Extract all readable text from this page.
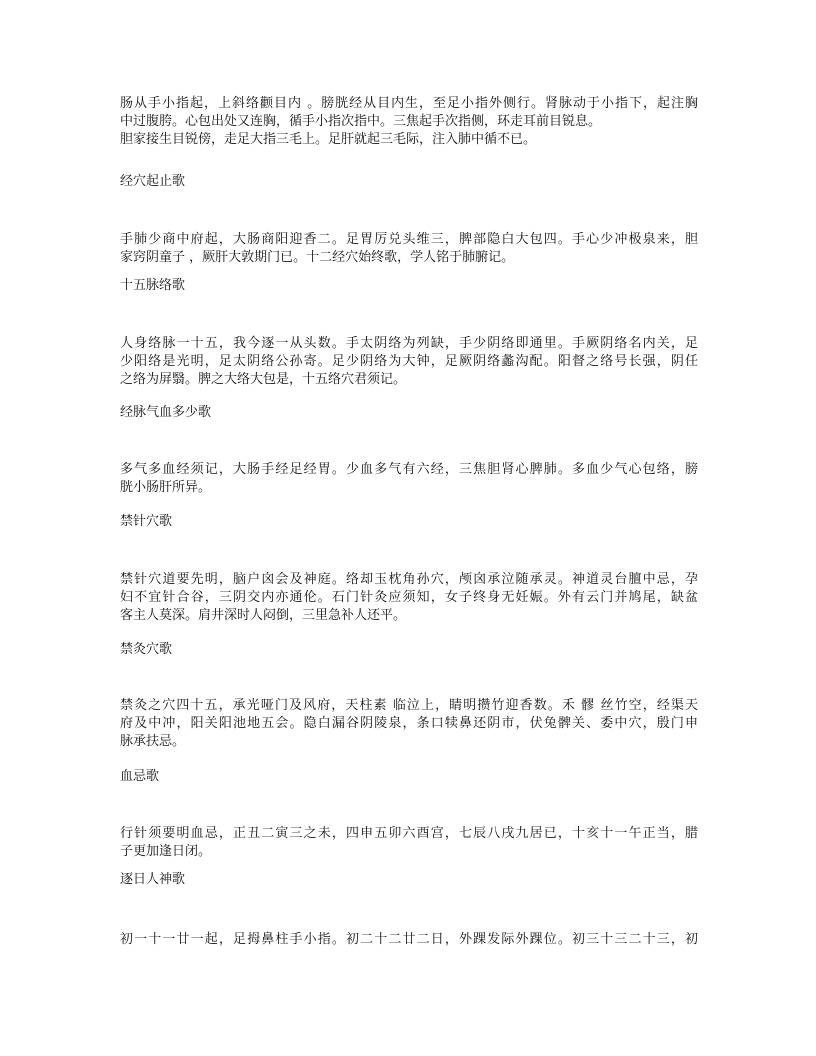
肠从手小指起，上斜络颧目内 。膀胱经从目内生，至足小指外侧行。肾脉动于小指下，起注胸
中过腹胯。心包出处又连胸，循手小指次指中。三焦起手次指侧，环走耳前目锐息。
胆家接生目锐傍，走足大指三毛上。足肝就起三毛际，注入肺中循不已。
经穴起止歌
手肺少商中府起，大肠商阳迎香二。足胃厉兑头维三，脾部隐白大包四。手心少冲极泉来，胆
家窍阴童子 ，厥肝大敦期门已。十二经穴始终歌，学人铭于肺腑记。
十五脉络歌
人身络脉一十五，我今逐一从头数。手太阴络为列缺，手少阴络即通里。手厥阴络名内关，足
少阳络是光明，足太阴络公孙寄。足少阴络为大钟，足厥阴络蠡沟配。阳督之络号长强，阴任
之络为屏翳。脾之大络大包是，十五络穴君须记。
经脉气血多少歌
多气多血经须记，大肠手经足经胃。少血多气有六经，三焦胆肾心脾肺。多血少气心包络，膀
胱小肠肝所异。
禁针穴歌
禁针穴道要先明，脑户囟会及神庭。络却玉枕角孙穴，颅囟承泣随承灵。神道灵台膻中忌，孕
妇不宜针合谷，三阴交内亦通伦。石门针灸应须知，女子终身无妊娠。外有云门并鸠尾，缺盆
客主人莫深。肩井深时人闷倒，三里急补人还平。
禁灸穴歌
禁灸之穴四十五，承光哑门及风府，天柱素 临泣上，睛明攒竹迎香数。禾 髎 丝竹空，经渠天
府及中冲，阳关阳池地五会。隐白漏谷阴陵泉，条口犊鼻还阴市，伏兔髀关、委中穴，殷门申
脉承扶忌。
血忌歌
行针须要明血忌，正丑二寅三之未，四申五卯六酉宫，七辰八戌九居已，十亥十一午正当，腊
子更加逢日闭。
逐日人神歌
初一十一廿一起，足拇鼻柱手小指。初二十二廿二日，外踝发际外踝位。初三十三二十三，初
